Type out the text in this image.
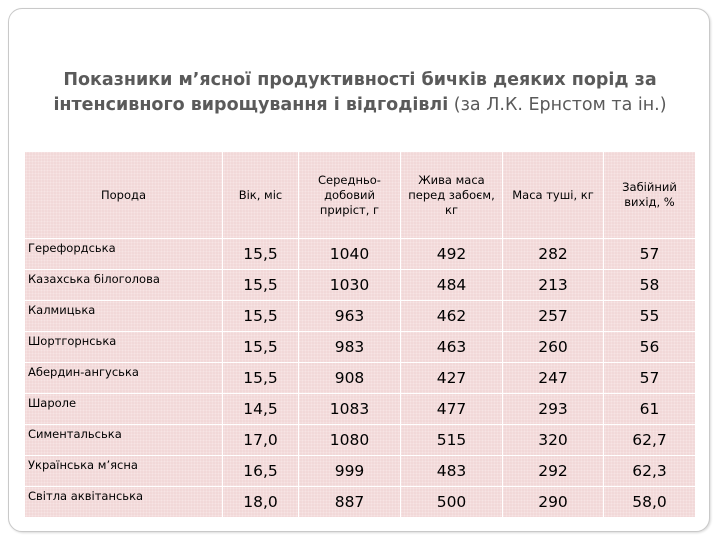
Показники м’ясної продуктивності бичків деяких порід за
інтенсивного вирощування і відгодівлі (за Л.К. Ернстом та ін.)
Порода	Вік, міс	Середньо-добовий приріст, г	Жива маса перед забоєм, кг	Маса туші, кг	Забійний вихід, %
Герефордська	15,5	1040	492	282	57
Казахська білоголова	15,5	1030	484	213	58
Калмицька	15,5	963	462	257	55
Шортгорнська	15,5	983	463	260	56
Абердин-ангуська	15,5	908	427	247	57
Шароле	14,5	1083	477	293	61
Симентальська	17,0	1080	515	320	62,7
Українська м’ясна	16,5	999	483	292	62,3
Світла аквітанська	18,0	887	500	290	58,0
